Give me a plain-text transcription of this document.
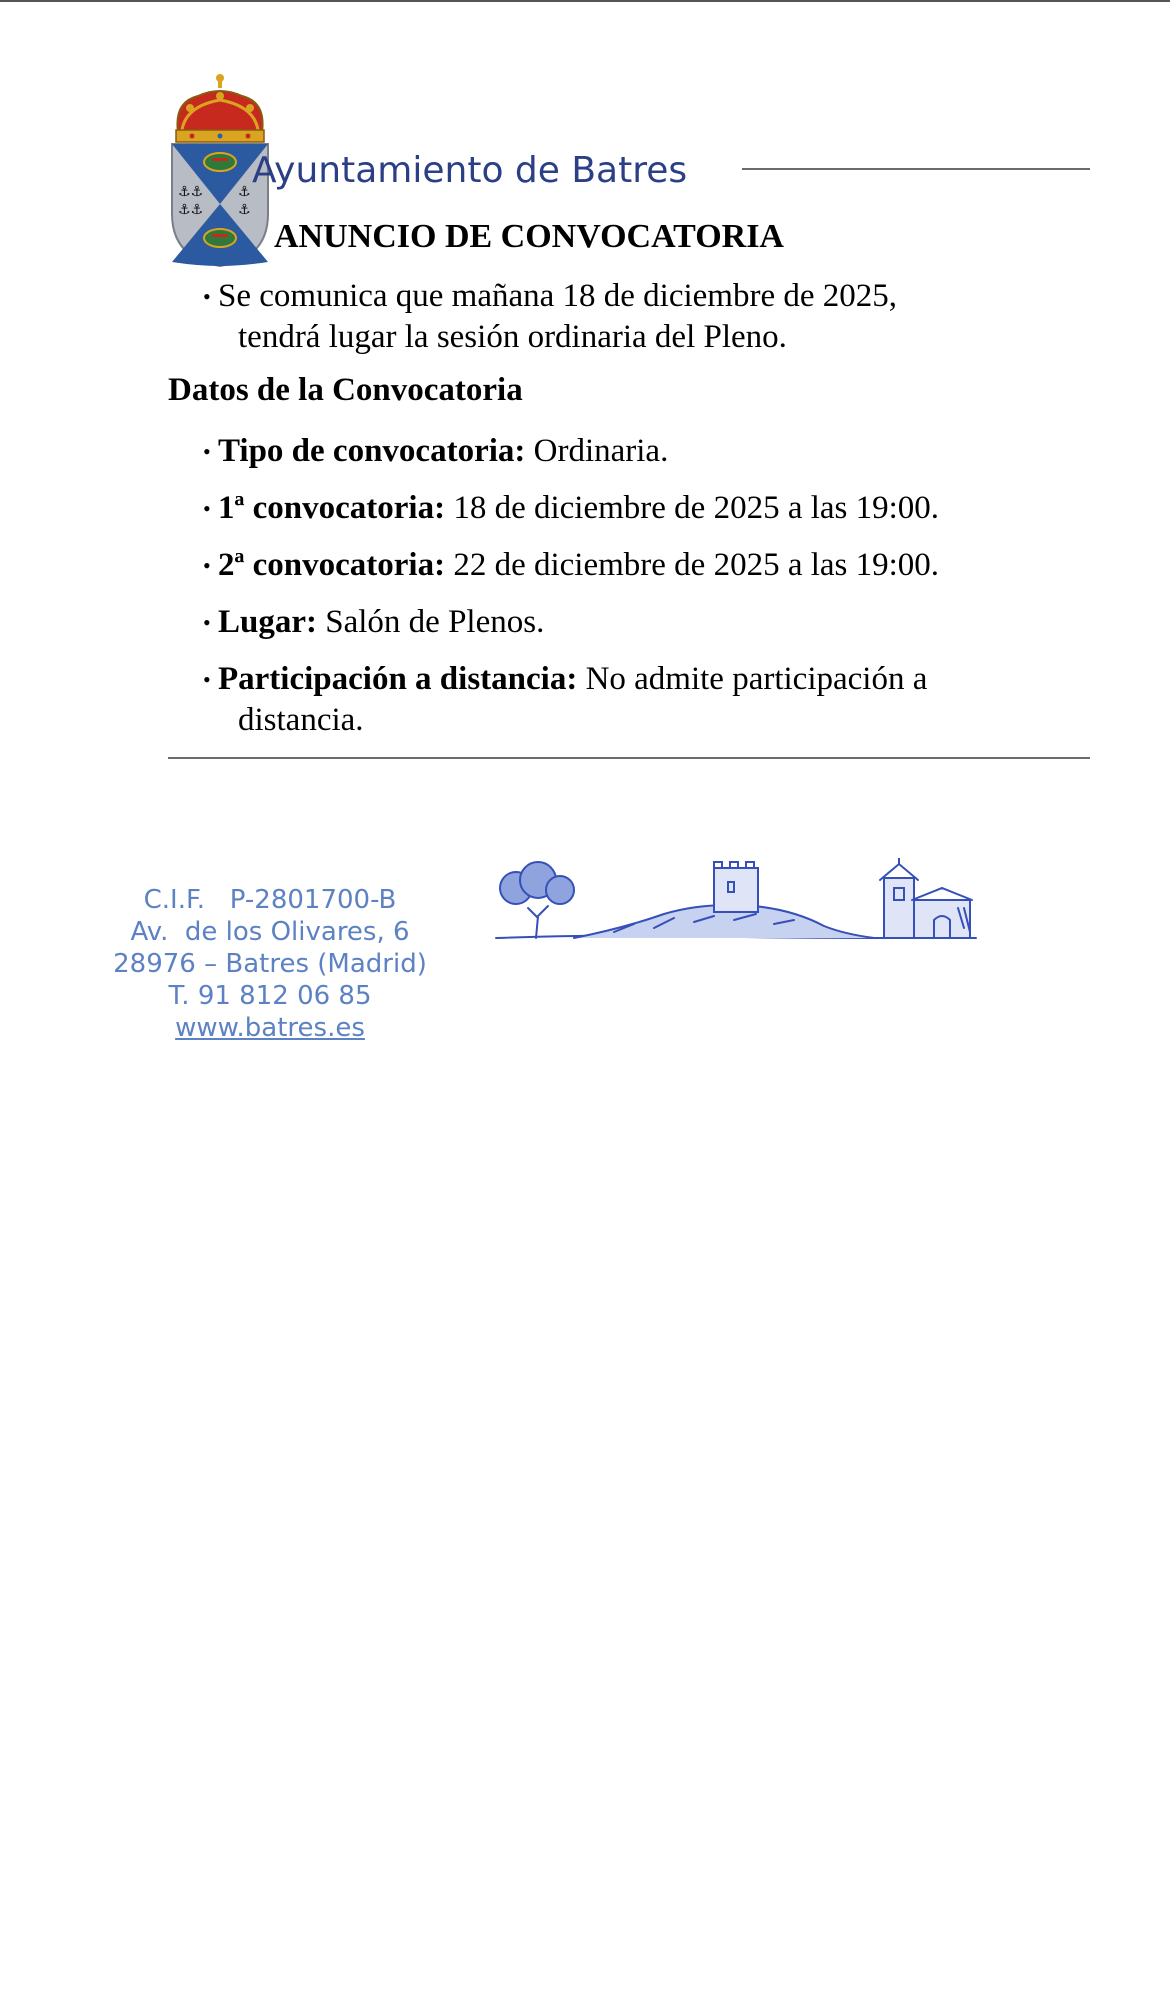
⚓⚓
⚓⚓
⚓
⚓
Ayuntamiento de Batres
ANUNCIO DE CONVOCATORIA
• Se comunica que mañana 18 de diciembre de 2025,
tendrá lugar la sesión ordinaria del Pleno.
Datos de la Convocatoria
• Tipo de convocatoria: Ordinaria.
• 1ª convocatoria: 18 de diciembre de 2025 a las 19:00.
• 2ª convocatoria: 22 de diciembre de 2025 a las 19:00.
• Lugar: Salón de Plenos.
• Participación a distancia: No admite participación a
distancia.
C.I.F.   P-2801700-B
Av.  de los Olivares, 6
28976 – Batres (Madrid)
T. 91 812 06 85
www.batres.es
